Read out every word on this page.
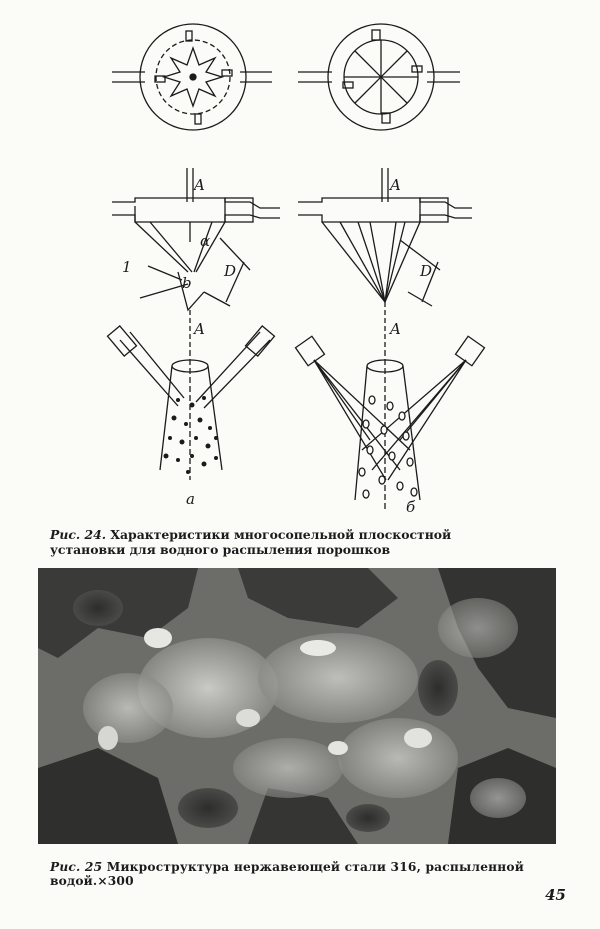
A	A
A	A
1	D	D
b
α
а	б
Рис. 24. Характеристики многосопельной плоскостной установки для водного распыления порошков
Рис. 25 Микроструктура нержавеющей стали 316, распыленной водой.×300
45
